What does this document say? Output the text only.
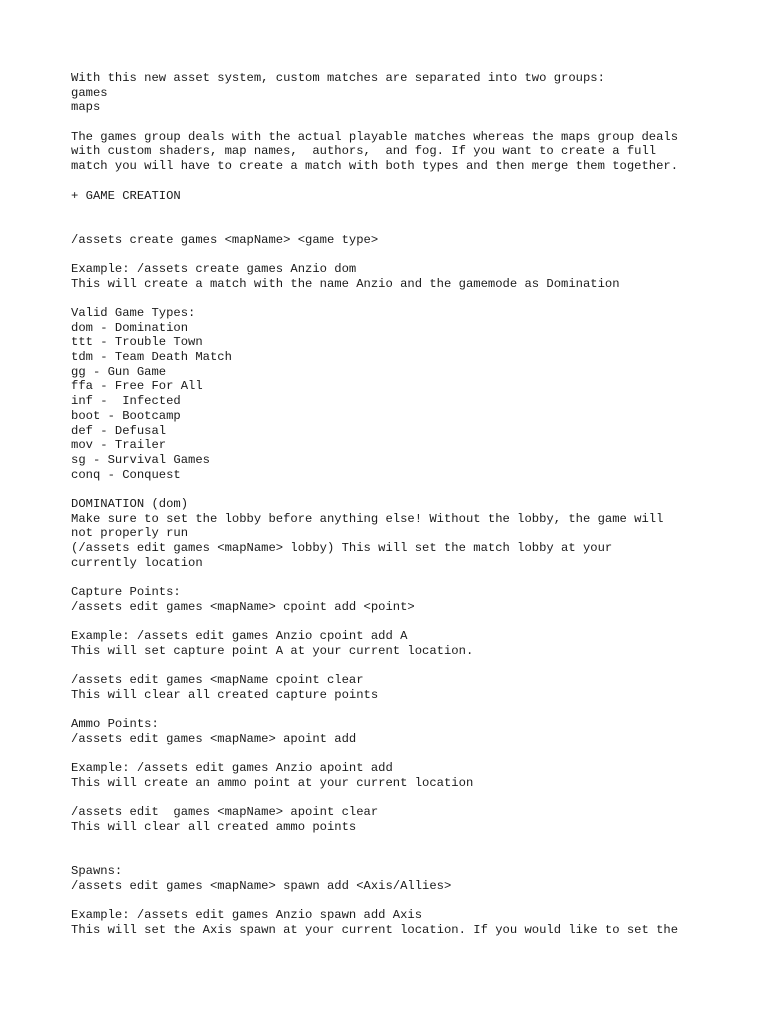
With this new asset system, custom matches are separated into two groups:
games
maps
The games group deals with the actual playable matches whereas the maps group deals
with custom shaders, map names,  authors,  and fog. If you want to create a full
match you will have to create a match with both types and then merge them together.
+ GAME CREATION
/assets create games <mapName> <game type>
Example: /assets create games Anzio dom
This will create a match with the name Anzio and the gamemode as Domination
Valid Game Types:
dom - Domination
ttt - Trouble Town
tdm - Team Death Match
gg - Gun Game
ffa - Free For All
inf -  Infected
boot - Bootcamp
def - Defusal
mov - Trailer
sg - Survival Games
conq - Conquest
DOMINATION (dom)
Make sure to set the lobby before anything else! Without the lobby, the game will
not properly run
(/assets edit games <mapName> lobby) This will set the match lobby at your
currently location
Capture Points:
/assets edit games <mapName> cpoint add <point>
Example: /assets edit games Anzio cpoint add A
This will set capture point A at your current location.
/assets edit games <mapName cpoint clear
This will clear all created capture points
Ammo Points:
/assets edit games <mapName> apoint add
Example: /assets edit games Anzio apoint add
This will create an ammo point at your current location
/assets edit  games <mapName> apoint clear
This will clear all created ammo points
Spawns:
/assets edit games <mapName> spawn add <Axis/Allies>
Example: /assets edit games Anzio spawn add Axis
This will set the Axis spawn at your current location. If you would like to set the
